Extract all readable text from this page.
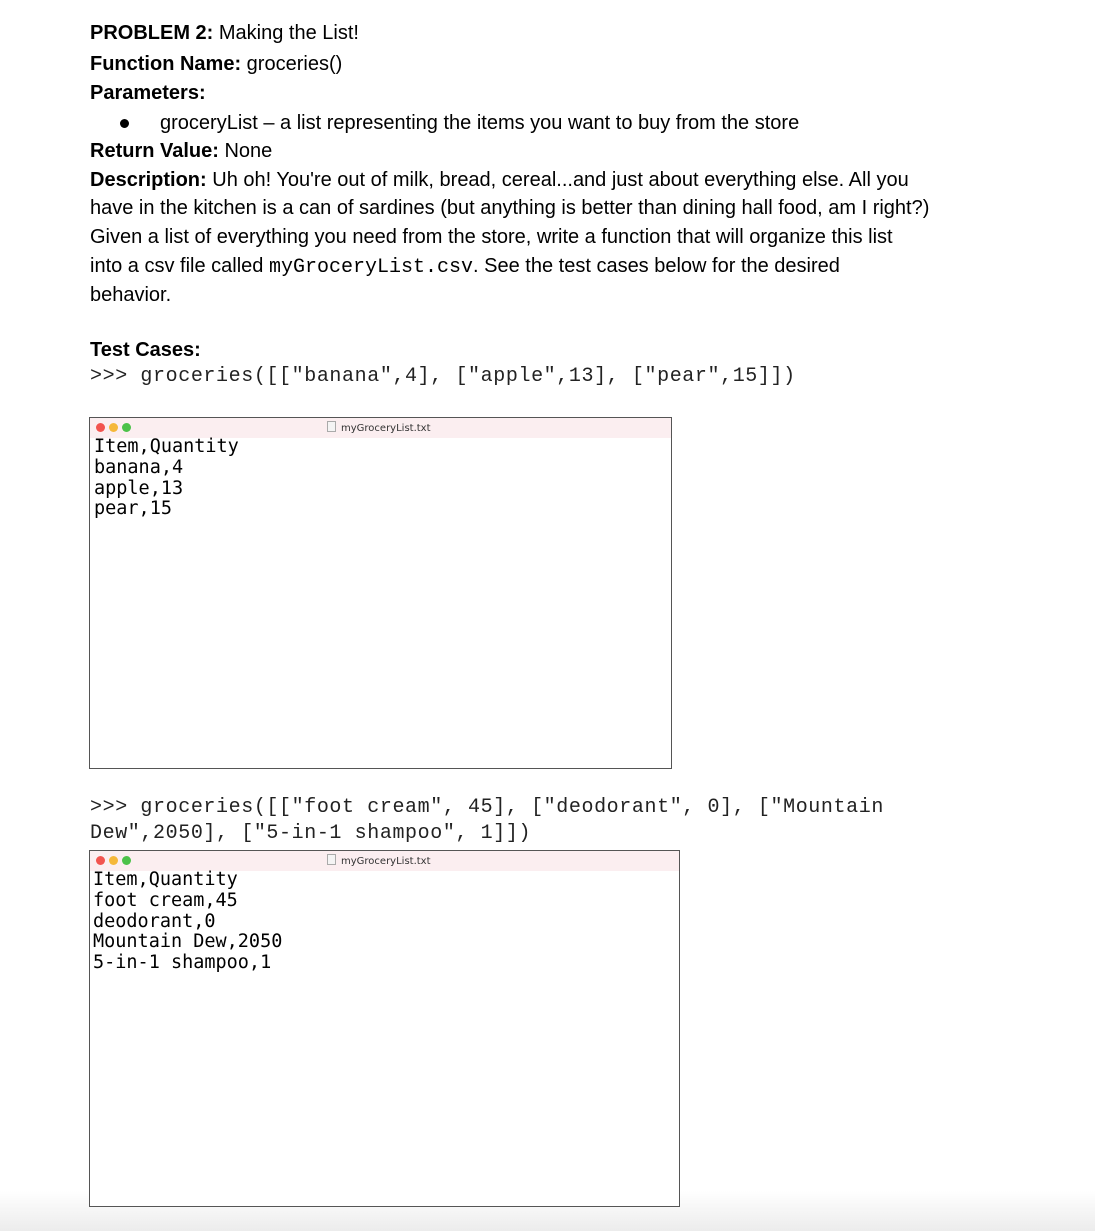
PROBLEM 2: Making the List!
Function Name: groceries()
Parameters:
groceryList – a list representing the items you want to buy from the store
Return Value: None
Description: Uh oh! You're out of milk, bread, cereal...and just about everything else. All you
have in the kitchen is a can of sardines (but anything is better than dining hall food, am I right?)
Given a list of everything you need from the store, write a function that will organize this list
into a csv file called myGroceryList.csv. See the test cases below for the desired
behavior.
Test Cases:
>>> groceries([["banana",4], ["apple",13], ["pear",15]])
myGroceryList.txt
Item,Quantity
banana,4
apple,13
pear,15
>>> groceries([["foot cream", 45], ["deodorant", 0], ["Mountain
Dew",2050], ["5-in-1 shampoo", 1]])
myGroceryList.txt
Item,Quantity
foot cream,45
deodorant,0
Mountain Dew,2050
5-in-1 shampoo,1
